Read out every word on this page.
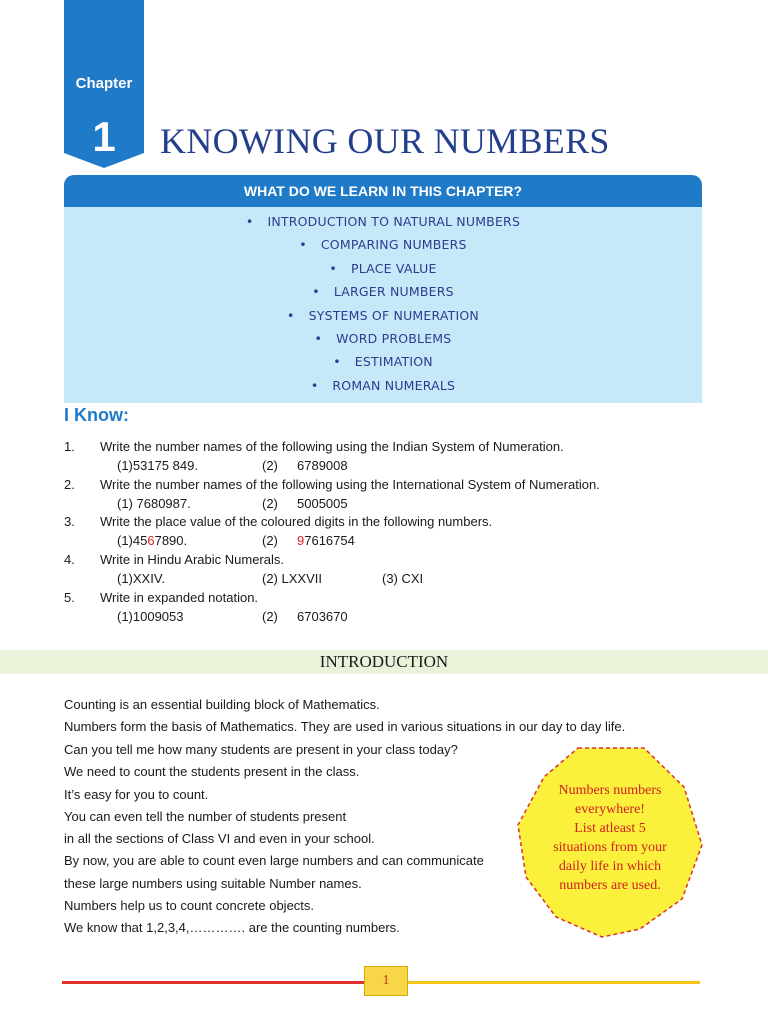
Chapter
1	KNOWING OUR NUMBERS
WHAT DO WE LEARN IN THIS CHAPTER?
• INTRODUCTION TO NATURAL NUMBERS
• COMPARING NUMBERS
• PLACE VALUE
• LARGER NUMBERS
• SYSTEMS OF NUMERATION
• WORD PROBLEMS
• ESTIMATION
• ROMAN NUMERALS
I Know:
1. Write the number names of the following using the Indian System of Numeration.
(1)53175 849.	(2) 6789008
2. Write the number names of the following using the International System of Numeration.
(1) 7680987.	(2) 5005005
3. Write the place value of the coloured digits in the following numbers.
(1)4567890.	(2) 97616754
4. Write in Hindu Arabic Numerals.
(1)XXIV.	(2) LXXVII	(3) CXI
5. Write in expanded notation.
(1)1009053	(2) 6703670
INTRODUCTION
Counting is an essential building block of Mathematics.
Numbers form the basis of Mathematics. They are used in various situations in our day to day life.
Can you tell me how many students are present in your class today?
We need to count the students present in the class.
It’s easy for you to count.
You can even tell the number of students present
in all the sections of Class VI and even in your school.
By now, you are able to count even large numbers and can communicate
these large numbers using suitable Number names.
Numbers help us to count concrete objects.
We know that 1,2,3,4,…………. are the counting numbers.
Numbers numbers
everywhere!
List atleast 5
situations from your
daily life in which
numbers are used.
1
